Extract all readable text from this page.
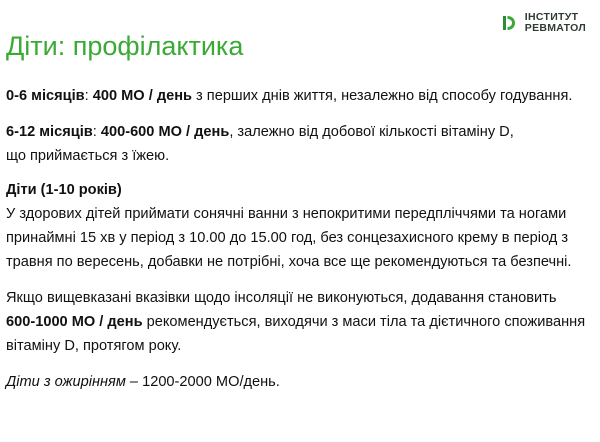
ІНСТИТУТ
РЕВМАТОЛ
Діти: профілактика

0-6 місяців: 400 МО / день з перших днів життя, незалежно від способу годування.

6-12 місяців: 400-600 МО / день, залежно від добової кількості вітаміну D,
що приймається з їжею.

Діти (1-10 років)
У здорових дітей приймати сонячні ванни з непокритими передпліччями та ногами
принаймні 15 хв у період з 10.00 до 15.00 год, без сонцезахисного крему в період з
травня по вересень, добавки не потрібні, хоча все ще рекомендуються та безпечні.

Якщо вищевказані вказівки щодо інсоляції не виконуються, додавання становить
600-1000 МО / день рекомендується, виходячи з маси тіла та дієтичного споживання
вітаміну D, протягом року.

Діти з ожирінням – 1200-2000 МО/день.
